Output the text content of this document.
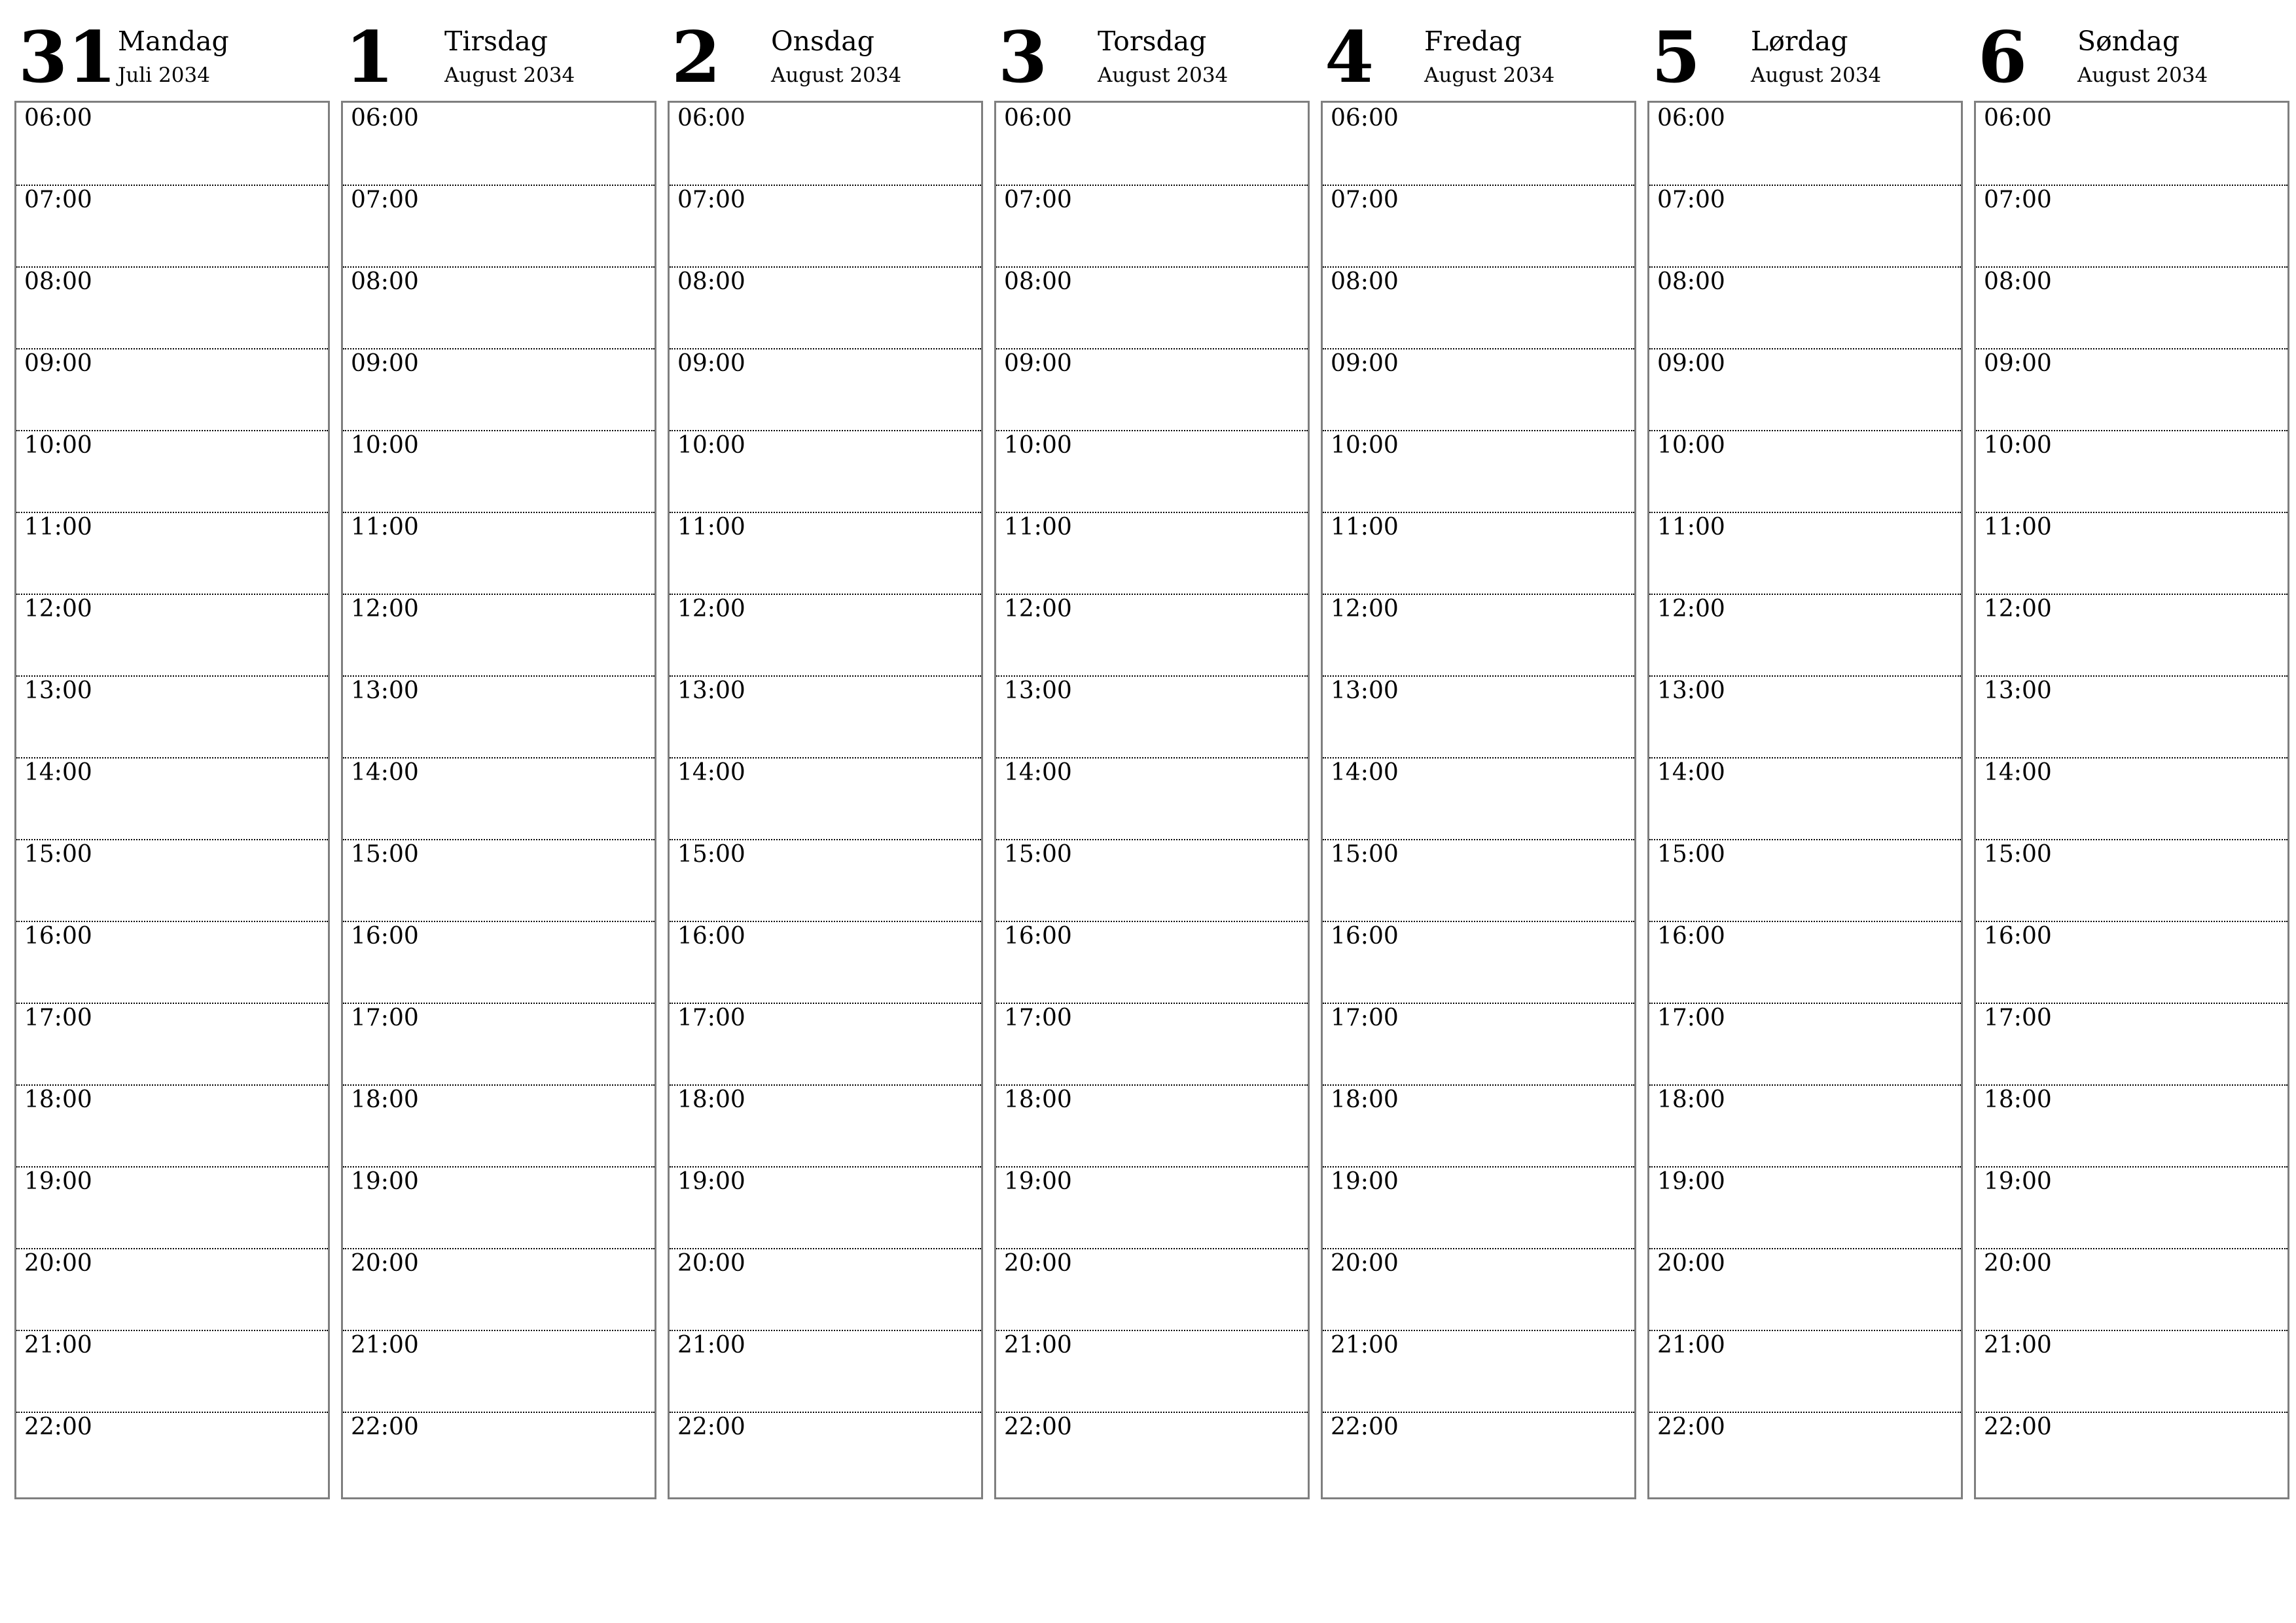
31 Mandag
Juli 2034
06:00
07:00
08:00
09:00
10:00
11:00
12:00
13:00
14:00
15:00
16:00
17:00
18:00
19:00
20:00
21:00
22:00
1 Tirsdag
August 2034
06:00
07:00
08:00
09:00
10:00
11:00
12:00
13:00
14:00
15:00
16:00
17:00
18:00
19:00
20:00
21:00
22:00
2 Onsdag
August 2034
06:00
07:00
08:00
09:00
10:00
11:00
12:00
13:00
14:00
15:00
16:00
17:00
18:00
19:00
20:00
21:00
22:00
3 Torsdag
August 2034
06:00
07:00
08:00
09:00
10:00
11:00
12:00
13:00
14:00
15:00
16:00
17:00
18:00
19:00
20:00
21:00
22:00
4 Fredag
August 2034
06:00
07:00
08:00
09:00
10:00
11:00
12:00
13:00
14:00
15:00
16:00
17:00
18:00
19:00
20:00
21:00
22:00
5 Lørdag
August 2034
06:00
07:00
08:00
09:00
10:00
11:00
12:00
13:00
14:00
15:00
16:00
17:00
18:00
19:00
20:00
21:00
22:00
6 Søndag
August 2034
06:00
07:00
08:00
09:00
10:00
11:00
12:00
13:00
14:00
15:00
16:00
17:00
18:00
19:00
20:00
21:00
22:00
